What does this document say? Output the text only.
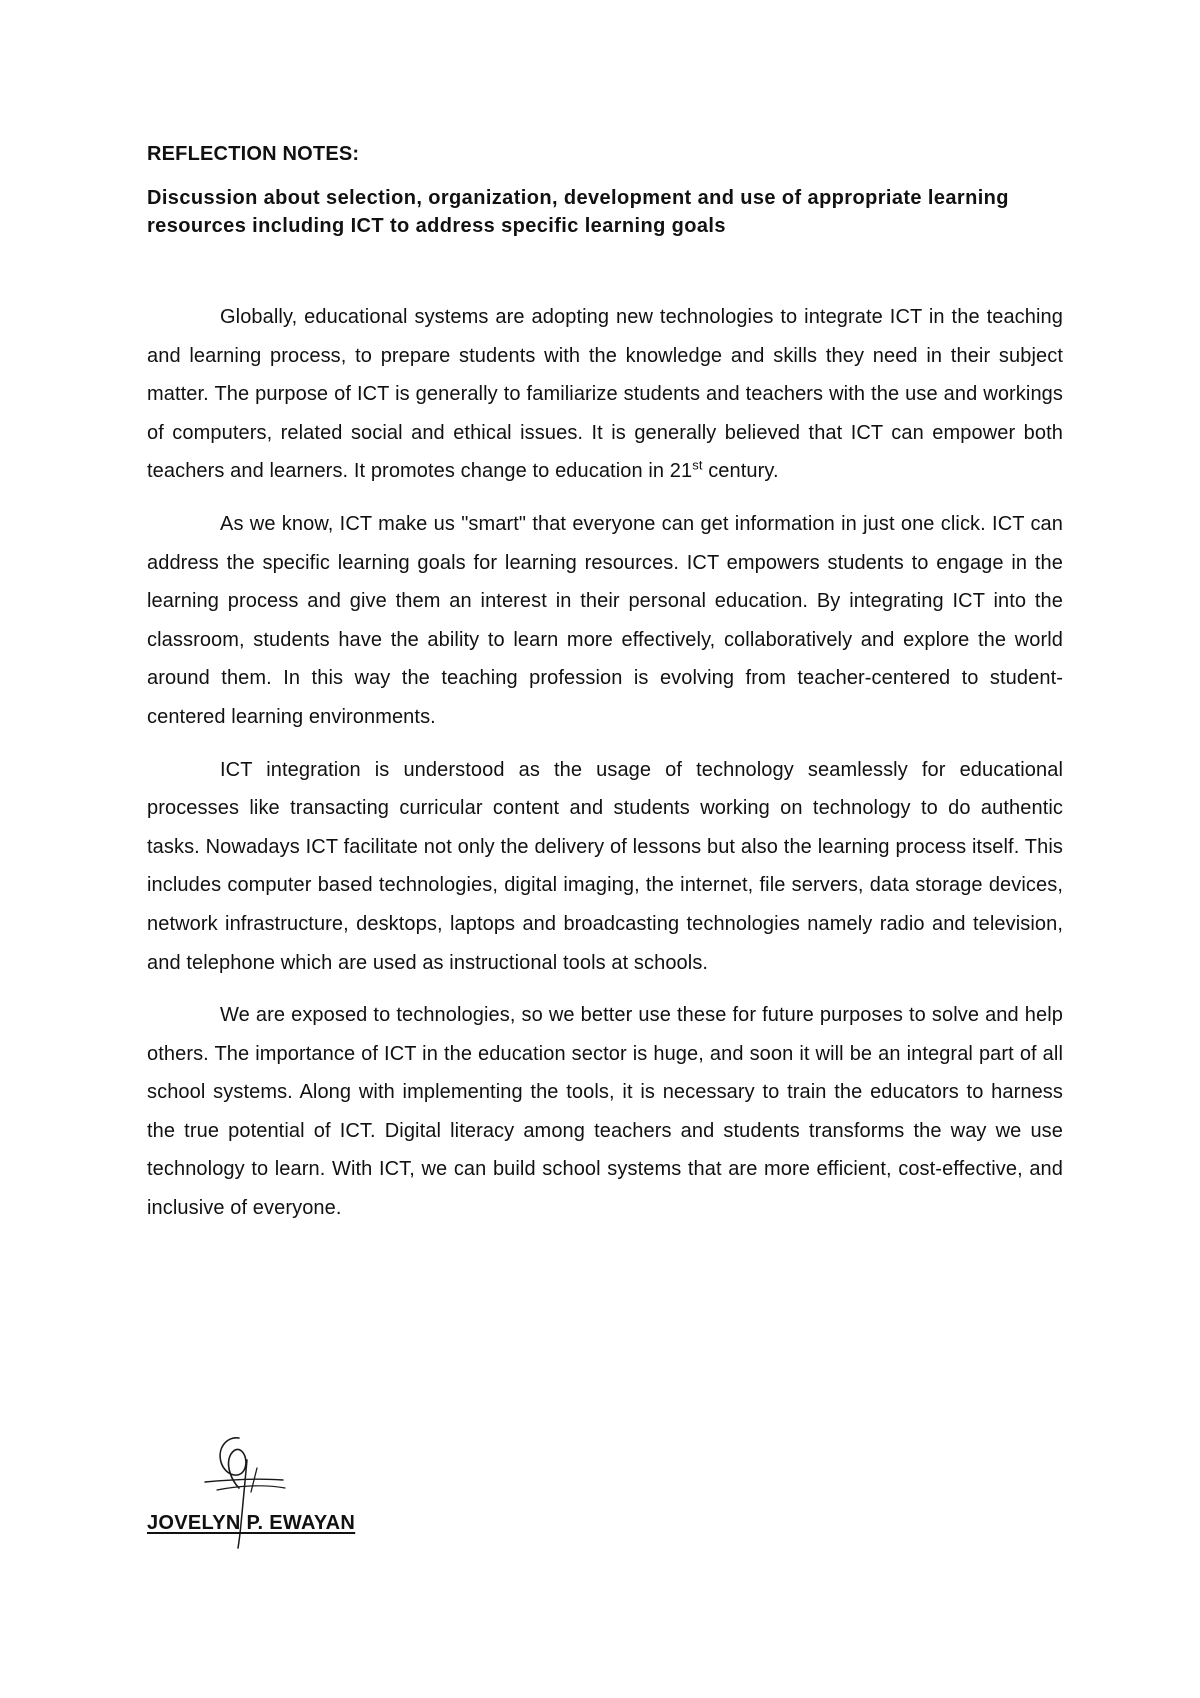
REFLECTION NOTES:
Discussion about selection, organization, development and use of appropriate learning resources including ICT to address specific learning goals

Globally, educational systems are adopting new technologies to integrate ICT in the teaching and learning process, to prepare students with the knowledge and skills they need in their subject matter. The purpose of ICT is generally to familiarize students and teachers with the use and workings of computers, related social and ethical issues. It is generally believed that ICT can empower both teachers and learners. It promotes change to education in 21st century.

As we know, ICT make us "smart" that everyone can get information in just one click. ICT can address the specific learning goals for learning resources. ICT empowers students to engage in the learning process and give them an interest in their personal education. By integrating ICT into the classroom, students have the ability to learn more effectively, collaboratively and explore the world around them. In this way the teaching profession is evolving from teacher-centered to student-centered learning environments.

ICT integration is understood as the usage of technology seamlessly for educational processes like transacting curricular content and students working on technology to do authentic tasks. Nowadays ICT facilitate not only the delivery of lessons but also the learning process itself. This includes computer based technologies, digital imaging, the internet, file servers, data storage devices, network infrastructure, desktops, laptops and broadcasting technologies namely radio and television, and telephone which are used as instructional tools at schools.

We are exposed to technologies, so we better use these for future purposes to solve and help others. The importance of ICT in the education sector is huge, and soon it will be an integral part of all school systems. Along with implementing the tools, it is necessary to train the educators to harness the true potential of ICT. Digital literacy among teachers and students transforms the way we use technology to learn. With ICT, we can build school systems that are more efficient, cost-effective, and inclusive of everyone.

JOVELYN P. EWAYAN
